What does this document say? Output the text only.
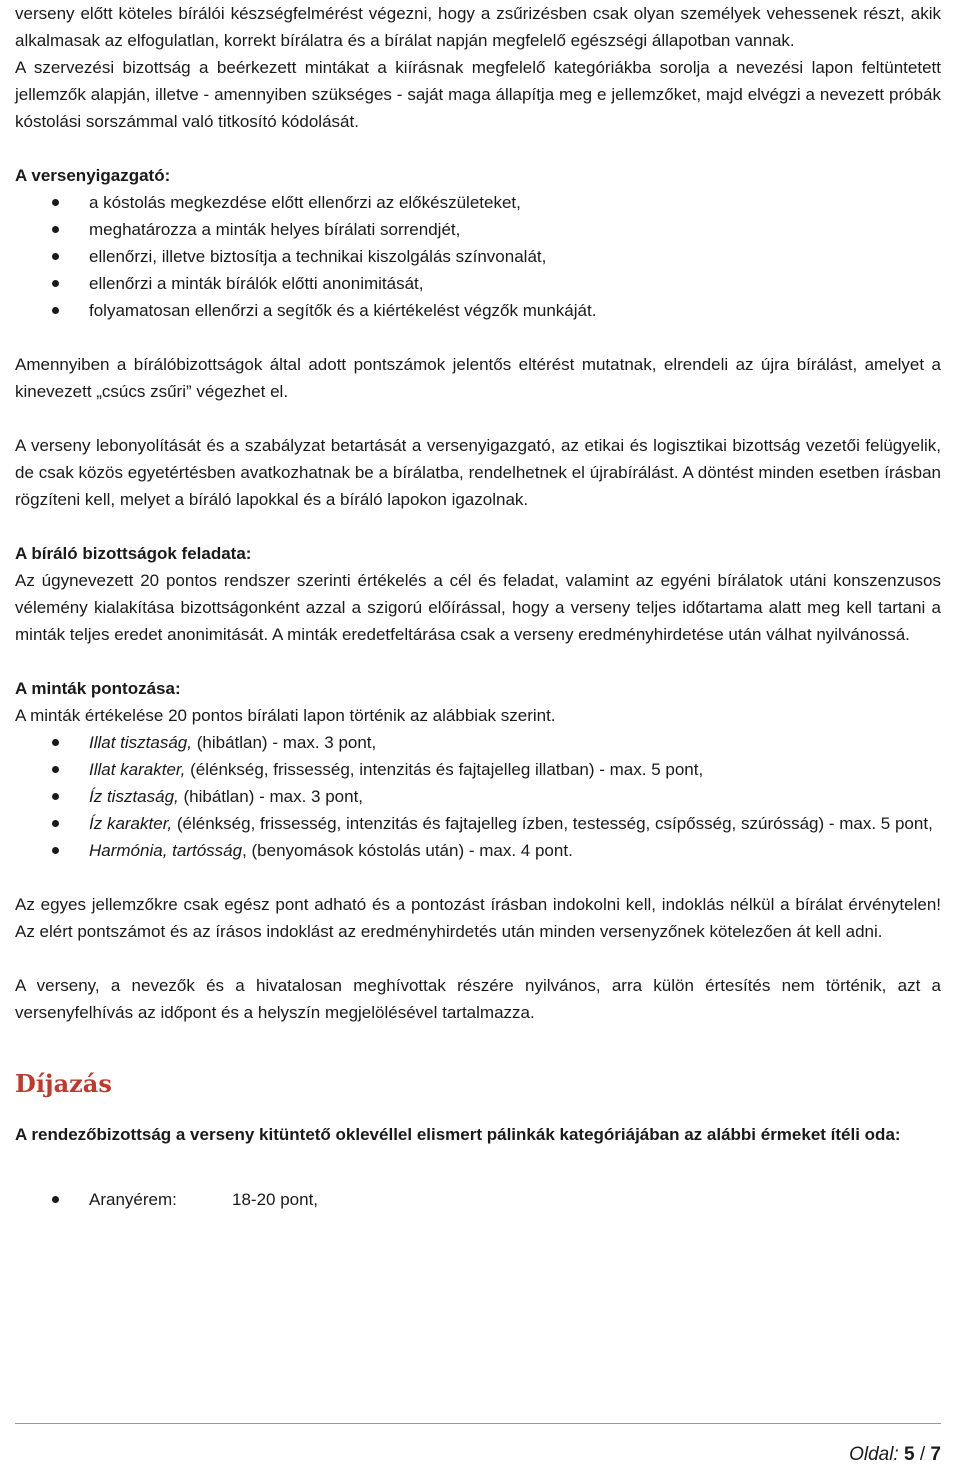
verseny előtt köteles bírálói készségfelmérést végezni, hogy a zsűrizésben csak olyan személyek vehessenek részt, akik alkalmasak az elfogulatlan, korrekt bírálatra és a bírálat napján megfelelő egészségi állapotban vannak.

A szervezési bizottság a beérkezett mintákat a kiírásnak megfelelő kategóriákba sorolja a nevezési lapon feltüntetett jellemzők alapján, illetve - amennyiben szükséges - saját maga állapítja meg e jellemzőket, majd elvégzi a nevezett próbák kóstolási sorszámmal való titkosító kódolását.

A versenyigazgató:

a kóstolás megkezdése előtt ellenőrzi az előkészületeket,
meghatározza a minták helyes bírálati sorrendjét,
ellenőrzi, illetve biztosítja a technikai kiszolgálás színvonalát,
ellenőrzi a minták bírálók előtti anonimitását,
folyamatosan ellenőrzi a segítők és a kiértékelést végzők munkáját.

Amennyiben a bírálóbizottságok által adott pontszámok jelentős eltérést mutatnak, elrendeli az újra bírálást, amelyet a kinevezett „csúcs zsűri” végezhet el.

A verseny lebonyolítását és a szabályzat betartását a versenyigazgató, az etikai és logisztikai bizottság vezetői felügyelik, de csak közös egyetértésben avatkozhatnak be a bírálatba, rendelhetnek el újrabírálást. A döntést minden esetben írásban rögzíteni kell, melyet a bíráló lapokkal és a bíráló lapokon igazolnak.

A bíráló bizottságok feladata:

Az úgynevezett 20 pontos rendszer szerinti értékelés a cél és feladat, valamint az egyéni bírálatok utáni konszenzusos vélemény kialakítása bizottságonként azzal a szigorú előírással, hogy a verseny teljes időtartama alatt meg kell tartani a minták teljes eredet anonimitását. A minták eredetfeltárása csak a verseny eredményhirdetése után válhat nyilvánossá.

A minták pontozása:

A minták értékelése 20 pontos bírálati lapon történik az alábbiak szerint.

Illat tisztaság, (hibátlan) - max. 3 pont,
Illat karakter, (élénkség, frissesség, intenzitás és fajtajelleg illatban) - max. 5 pont,
Íz tisztaság, (hibátlan) - max. 3 pont,
Íz karakter, (élénkség, frissesség, intenzitás és fajtajelleg ízben, testesség, csípősség, szúrósság) - max. 5 pont,
Harmónia, tartósság, (benyomások kóstolás után) - max. 4 pont.

Az egyes jellemzőkre csak egész pont adható és a pontozást írásban indokolni kell, indoklás nélkül a bírálat érvénytelen! Az elért pontszámot és az írásos indoklást az eredményhirdetés után minden versenyzőnek kötelezően át kell adni.

A verseny, a nevezők és a hivatalosan meghívottak részére nyilvános, arra külön értesítés nem történik, azt a versenyfelhívás az időpont és a helyszín megjelölésével tartalmazza.

Díjazás

A rendezőbizottság a verseny kitüntető oklevéllel elismert pálinkák kategóriájában az alábbi érmeket ítéli oda:

Aranyérem:	18-20 pont,
Oldal: 5 / 7
